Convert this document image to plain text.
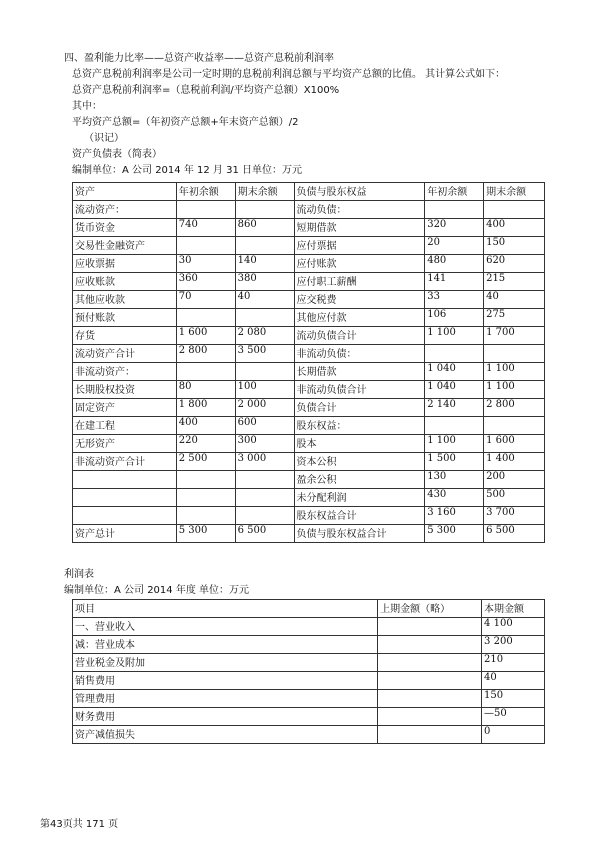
四、盈利能力比率——总资产收益率——总资产息税前利润率
总资产息税前利润率是公司一定时期的息税前利润总额与平均资产总额的比值。 其计算公式如下：
总资产息税前利润率=（息税前利润/平均资产总额）X100%
其中：
平均资产总额=（年初资产总额+年末资产总额）/2
（识记）
资产负债表（简表）
编制单位：A 公司 2014 年 12 月 31 日单位：万元
资产	年初余额	期末余额	负债与股东权益	年初余额	期末余额
流动资产：			流动负债：		
货币资金	740	860	短期借款	320	400
交易性金融资产			应付票据	20	150
应收票据	30	140	应付账款	480	620
应收账款	360	380	应付职工薪酬	141	215
其他应收款	70	40	应交税费	33	40
预付账款			其他应付款	106	275
存货	1 600	2 080	流动负债合计	1 100	1 700
流动资产合计	2 800	3 500	非流动负债：		
非流动资产：			长期借款	1 040	1 100
长期股权投资	80	100	非流动负债合计	1 040	1 100
固定资产	1 800	2 000	负债合计	2 140	2 800
在建工程	400	600	股东权益：		
无形资产	220	300	股本	1 100	1 600
非流动资产合计	2 500	3 000	资本公积	1 500	1 400
			盈余公积	130	200
			未分配利润	430	500
			股东权益合计	3 160	3 700
资产总计	5 300	6 500	负债与股东权益合计	5 300	6 500
利润表
编制单位：A 公司 2014 年度 单位：万元
项目	上期金额（略）	本期金额
一、营业收入		4 100
减：营业成本		3 200
营业税金及附加		210
销售费用		40
管理费用		150
财务费用		—50
资产减值损失		0
第43页共 171 页
